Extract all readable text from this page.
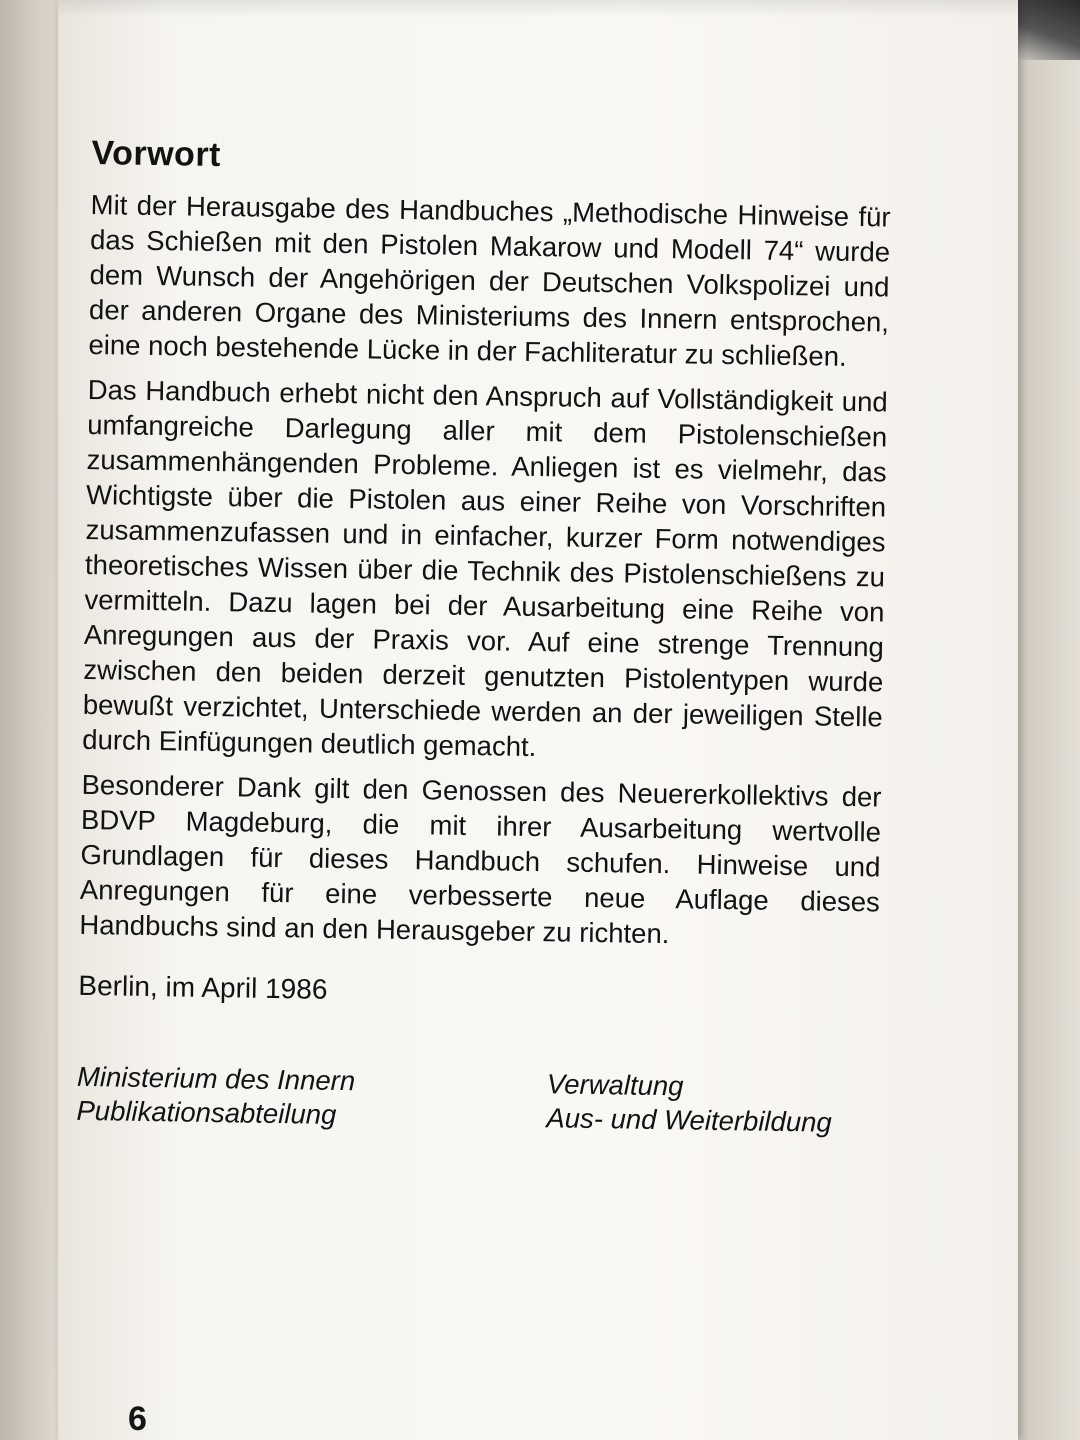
Vorwort

Mit der Herausgabe des Handbuches „Methodische Hinweise für das Schießen mit den Pistolen Makarow und Modell 74“ wurde dem Wunsch der Angehörigen der Deutschen Volkspolizei und der anderen Organe des Ministeriums des Innern entsprochen, eine noch bestehende Lücke in der Fachliteratur zu schließen.

Das Handbuch erhebt nicht den Anspruch auf Vollständigkeit und umfangreiche Darlegung aller mit dem Pistolenschießen zusammenhängenden Probleme. Anliegen ist es vielmehr, das Wichtigste über die Pistolen aus einer Reihe von Vorschriften zusammenzufassen und in einfacher, kurzer Form notwendiges theoretisches Wissen über die Technik des Pistolenschießens zu vermitteln. Dazu lagen bei der Ausarbeitung eine Reihe von Anregungen aus der Praxis vor. Auf eine strenge Trennung zwischen den beiden derzeit genutzten Pistolentypen wurde bewußt verzichtet, Unterschiede werden an der jeweiligen Stelle durch Einfügungen deutlich gemacht.

Besonderer Dank gilt den Genossen des Neuererkollektivs der BDVP Magdeburg, die mit ihrer Ausarbeitung wertvolle Grundlagen für dieses Handbuch schufen. Hinweise und Anregungen für eine verbesserte neue Auflage dieses Handbuchs sind an den Herausgeber zu richten.

Berlin, im April 1986
Ministerium des Innern
Publikationsabteilung
Verwaltung
Aus- und Weiterbildung
6
